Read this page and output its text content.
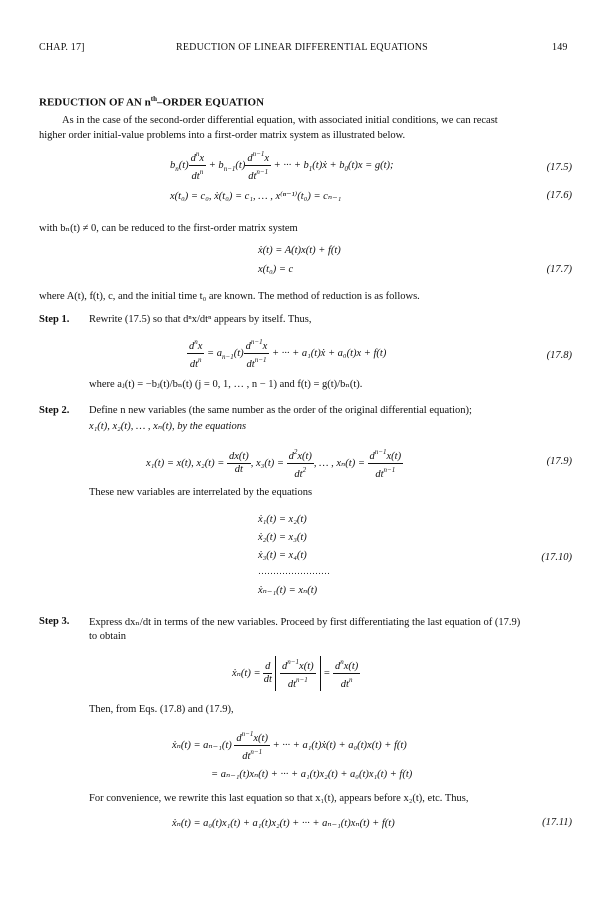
CHAP. 17]	REDUCTION OF LINEAR DIFFERENTIAL EQUATIONS	149
REDUCTION OF AN $n^{th}$–ORDER EQUATION
As in the case of the second-order differential equation, with associated initial conditions, we can recast
higher order initial-value problems into a first-order matrix system as illustrated below.
$b_n(t) \frac{d^nx}{dt^n} + b_{n-1}(t) \frac{d^{n-1}x}{dt^{n-1}}$ + ··· + $b_1(t)ẋ + b_0(t)x = g(t)$;	(17.5)
x(t₀) = c₀, ẋ(t₀) = c₁, … , x⁽ⁿ⁻¹⁾(t₀) = cₙ₋₁	(17.6)
with bₙ(t) ≠ 0, can be reduced to the first-order matrix system
ẋ(t) = A(t)x(t) + f(t)
x(t₀) = c	(17.7)
where A(t), f(t), c, and the initial time t₀ are known. The method of reduction is as follows.
Step 1. Rewrite (17.5) so that dⁿx/dtⁿ appears by itself. Thus,
$\frac{d^nx}{dt^n} = a_{n-1}(t) \frac{d^{n-1}x}{dt^{n-1}}$ + ··· + a₁(t)ẋ + a₀(t)x + f(t)	(17.8)
where aⱼ(t) = −bⱼ(t)/bₙ(t) (j = 0, 1, … , n − 1) and f(t) = g(t)/bₙ(t).
Step 2. Define n new variables (the same number as the order of the original differential equation);
x₁(t), x₂(t), … , xₙ(t), by the equations
x₁(t) = x(t), $x_2(t) = \frac{dx(t)}{dt}$ , $x_3(t) = \frac{d^2x(t)}{dt^2}$ , … , $x_n(t) = \frac{d^{n-1}x(t)}{dt^{n-1}}$	(17.9)
These new variables are interrelated by the equations
ẋ₁(t) = x₂(t)
ẋ₂(t) = x₃(t)
ẋ₃(t) = x₄(t)
……………………
ẋₙ₋₁(t) = xₙ(t)
(17.10)
Step 3. Express dxₙ/dt in terms of the new variables. Proceed by first differentiating the last equation of (17.9)
to obtain
ẋₙ(t) = $\frac{d}{dt}$
$\frac{d^{n-1}x(t)}{dt^{n-1}} = \frac{d^nx(t)}{dt^n}$
Then, from Eqs. (17.8) and (17.9),
ẋₙ(t) = $a_{n-1}(t) \frac{d^{n-1}x(t)}{dt^{n-1}}$ + ··· + a₁(t)ẋ(t) + a₀(t)x(t) + f(t)
= aₙ₋₁(t)xₙ(t) + ··· + a₁(t)x₂(t) + a₀(t)x₁(t) + f(t)
For convenience, we rewrite this last equation so that x₁(t), appears before x₂(t), etc. Thus,
ẋₙ(t) = a₀(t)x₁(t) + a₁(t)x₂(t) + ··· + aₙ₋₁(t)xₙ(t) + f(t)	(17.11)
